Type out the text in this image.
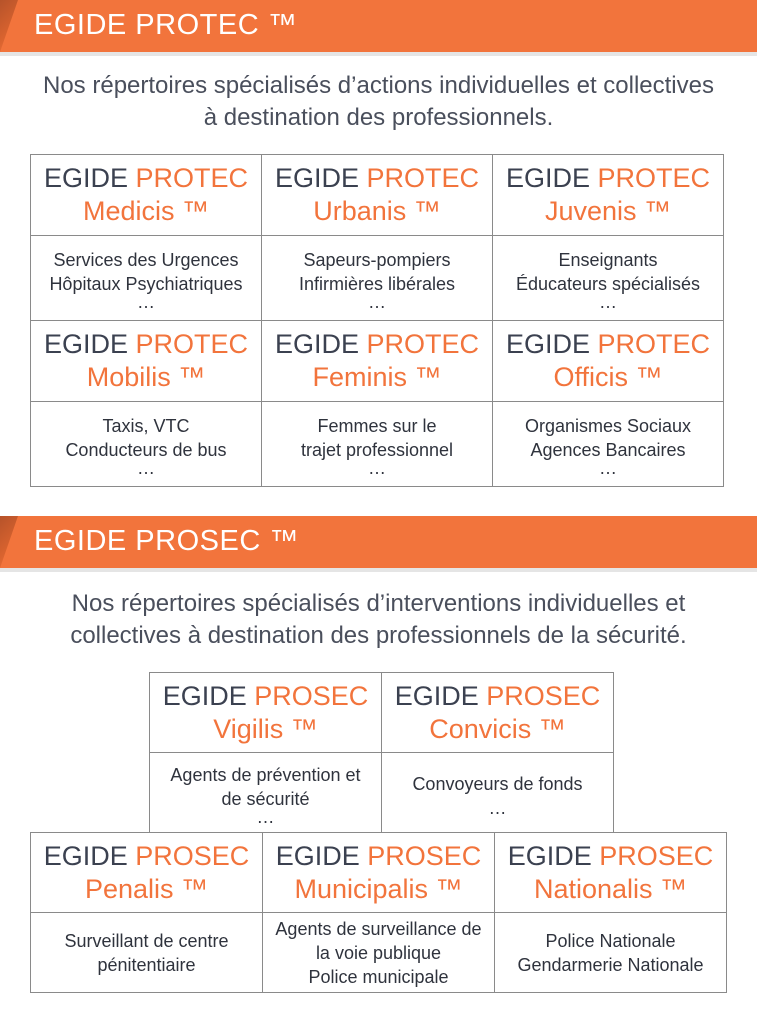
EGIDE PROTEC ™
Nos répertoires spécialisés d’actions individuelles et collectives
à destination des professionnels.
EGIDE PROTEC
Medicis ™
EGIDE PROTEC
Urbanis ™
EGIDE PROTEC
Juvenis ™
Services des Urgences
Hôpitaux Psychiatriques
…
Sapeurs-pompiers
Infirmières libérales
…
Enseignants
Éducateurs spécialisés
…
EGIDE PROTEC
Mobilis ™
EGIDE PROTEC
Feminis ™
EGIDE PROTEC
Officis ™
Taxis, VTC
Conducteurs de bus
…
Femmes sur le
trajet professionnel
…
Organismes Sociaux
Agences Bancaires
…
EGIDE PROSEC ™
Nos répertoires spécialisés d’interventions individuelles et
collectives à destination des professionnels de la sécurité.
EGIDE PROSEC
Vigilis ™
EGIDE PROSEC
Convicis ™
Agents de prévention et
de sécurité
…
Convoyeurs de fonds
…
EGIDE PROSEC
Penalis ™
EGIDE PROSEC
Municipalis ™
EGIDE PROSEC
Nationalis ™
Surveillant de centre
pénitentiaire
Agents de surveillance de
la voie publique
Police municipale
Police Nationale
Gendarmerie Nationale
